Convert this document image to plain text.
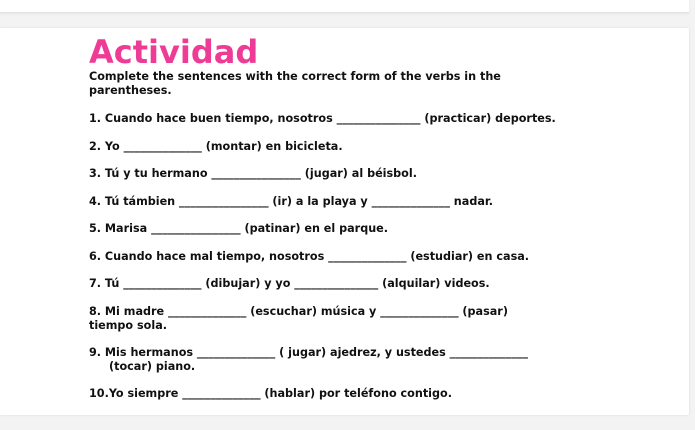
Actividad

Complete the sentences with the correct form of the verbs in the parentheses.

1. Cuando hace buen tiempo, nosotros _______________ (practicar) deportes.

2. Yo ______________ (montar) en bicicleta.

3. Tú y tu hermano ________________ (jugar) al béisbol.

4. Tú támbien ________________ (ir) a la playa y ______________ nadar.

5. Marisa ________________ (patinar) en el parque.

6. Cuando hace mal tiempo, nosotros ______________ (estudiar) en casa.

7. Tú ______________ (dibujar) y yo _______________ (alquilar) videos.

8. Mi madre ______________ (escuchar) música y ______________ (pasar)
tiempo sola.
9. Mis hermanos ______________ ( jugar) ajedrez, y ustedes ______________
(tocar) piano.

10.Yo siempre ______________ (hablar) por teléfono contigo.
